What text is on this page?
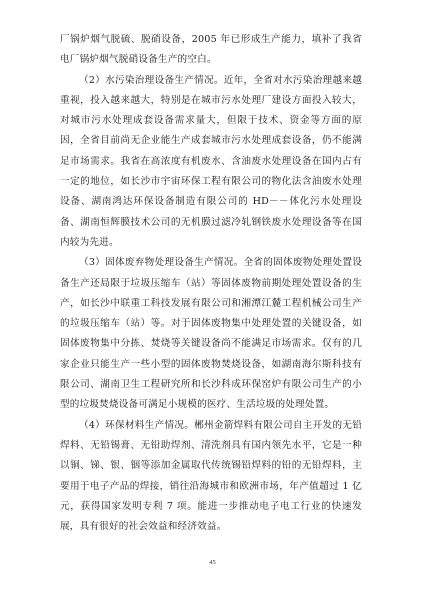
厂锅炉烟气脱硫、脱硝设备，2005 年已形成生产能力，填补了我省电厂锅炉烟气脱硝设备生产的空白。

（2）水污染治理设备生产情况。近年，全省对水污染治理越来越重视，投入越来越大，特别是在城市污水处理厂建设方面投入较大，对城市污水处理成套设备需求量大，但限于技术、资金等方面的原因，全省目前尚无企业能生产成套城市污水处理成套设备，仍不能满足市场需求。我省在高浓度有机废水、含油废水处理设备在国内占有一定的地位，如长沙市宇宙环保工程有限公司的物化法含油废水处理设备、湖南鸿达环保设备制造有限公司的 HD－－体化污水处理设备、湖南恒辉膜技术公司的无机膜过滤冷轧钢铁废水处理设备等在国内较为先进。

（3）固体废弃物处理设备生产情况。全省的固体废物处理处置设备生产还局限于垃圾压缩车（站）等固体废物前期处理处置设备的生产，如长沙中联重工科技发展有限公司和湘潭江麓工程机械公司生产的垃圾压缩车（站）等。对于固体废物集中处理处置的关键设备，如固体废物集中分拣、焚烧等关键设备尚不能满足市场需求。仅有的几家企业只能生产一些小型的固体废物焚烧设备，如湖南海尔斯科技有限公司、湖南卫生工程研究所和长沙科成环保窑炉有限公司生产的小型的垃圾焚烧设备可满足小规模的医疗、生活垃圾的处理处置。

（4）环保材料生产情况。郴州金箭焊料有限公司自主开发的无铅焊料、无铅锡膏、无铅助焊剂、清洗剂具有国内领先水平，它是一种以铜、锑、银、铟等添加金属取代传统锡铅焊料的铅的无铅焊料，主要用于电子产品的焊接，销往沿海城市和欧洲市场，年产值超过 1 亿元，获得国家发明专利 7 项。能进一步推动电子电工行业的快速发展，具有很好的社会效益和经济效益。

45
